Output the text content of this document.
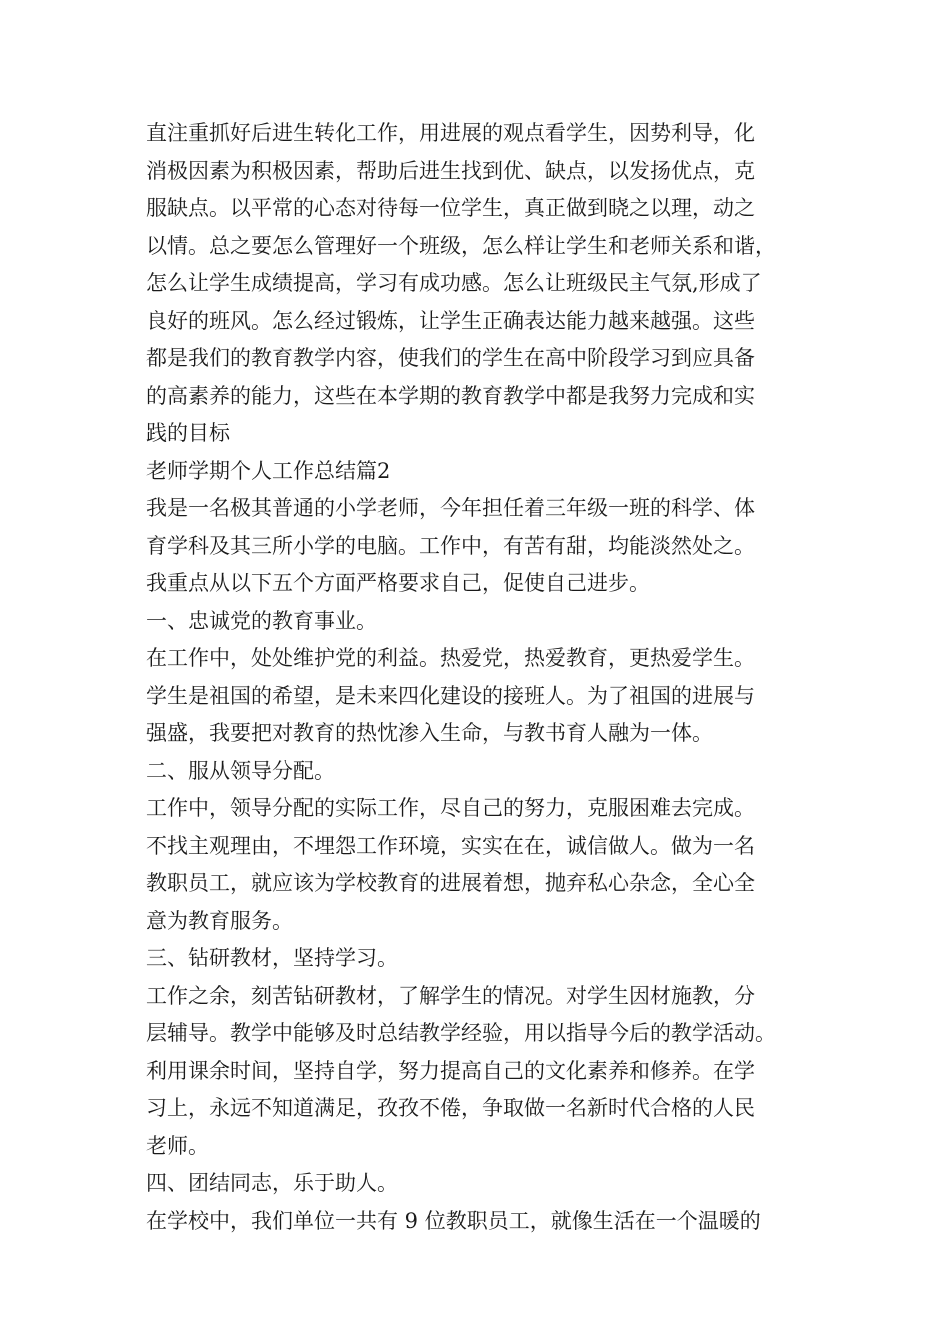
直注重抓好后进生转化工作，用进展的观点看学生，因势利导，化

消极因素为积极因素，帮助后进生找到优、缺点，以发扬优点，克

服缺点。以平常的心态对待每一位学生，真正做到晓之以理，动之

以情。总之要怎么管理好一个班级，怎么样让学生和老师关系和谐，

怎么让学生成绩提高，学习有成功感。怎么让班级民主气氛,形成了

良好的班风。怎么经过锻炼，让学生正确表达能力越来越强。这些

都是我们的教育教学内容，使我们的学生在高中阶段学习到应具备

的高素养的能力，这些在本学期的教育教学中都是我努力完成和实

践的目标

老师学期个人工作总结篇2

我是一名极其普通的小学老师，今年担任着三年级一班的科学、体

育学科及其三所小学的电脑。工作中，有苦有甜，均能淡然处之。

我重点从以下五个方面严格要求自己，促使自己进步。

一、忠诚党的教育事业。

在工作中，处处维护党的利益。热爱党，热爱教育，更热爱学生。

学生是祖国的希望，是未来四化建设的接班人。为了祖国的进展与

强盛，我要把对教育的热忱渗入生命，与教书育人融为一体。

二、服从领导分配。

工作中，领导分配的实际工作，尽自己的努力，克服困难去完成。

不找主观理由，不埋怨工作环境，实实在在，诚信做人。做为一名

教职员工，就应该为学校教育的进展着想，抛弃私心杂念，全心全

意为教育服务。

三、钻研教材，坚持学习。

工作之余，刻苦钻研教材，了解学生的情况。对学生因材施教，分

层辅导。教学中能够及时总结教学经验，用以指导今后的教学活动。

利用课余时间，坚持自学，努力提高自己的文化素养和修养。在学

习上，永远不知道满足，孜孜不倦，争取做一名新时代合格的人民

老师。

四、团结同志，乐于助人。

在学校中，我们单位一共有 9 位教职员工，就像生活在一个温暖的
